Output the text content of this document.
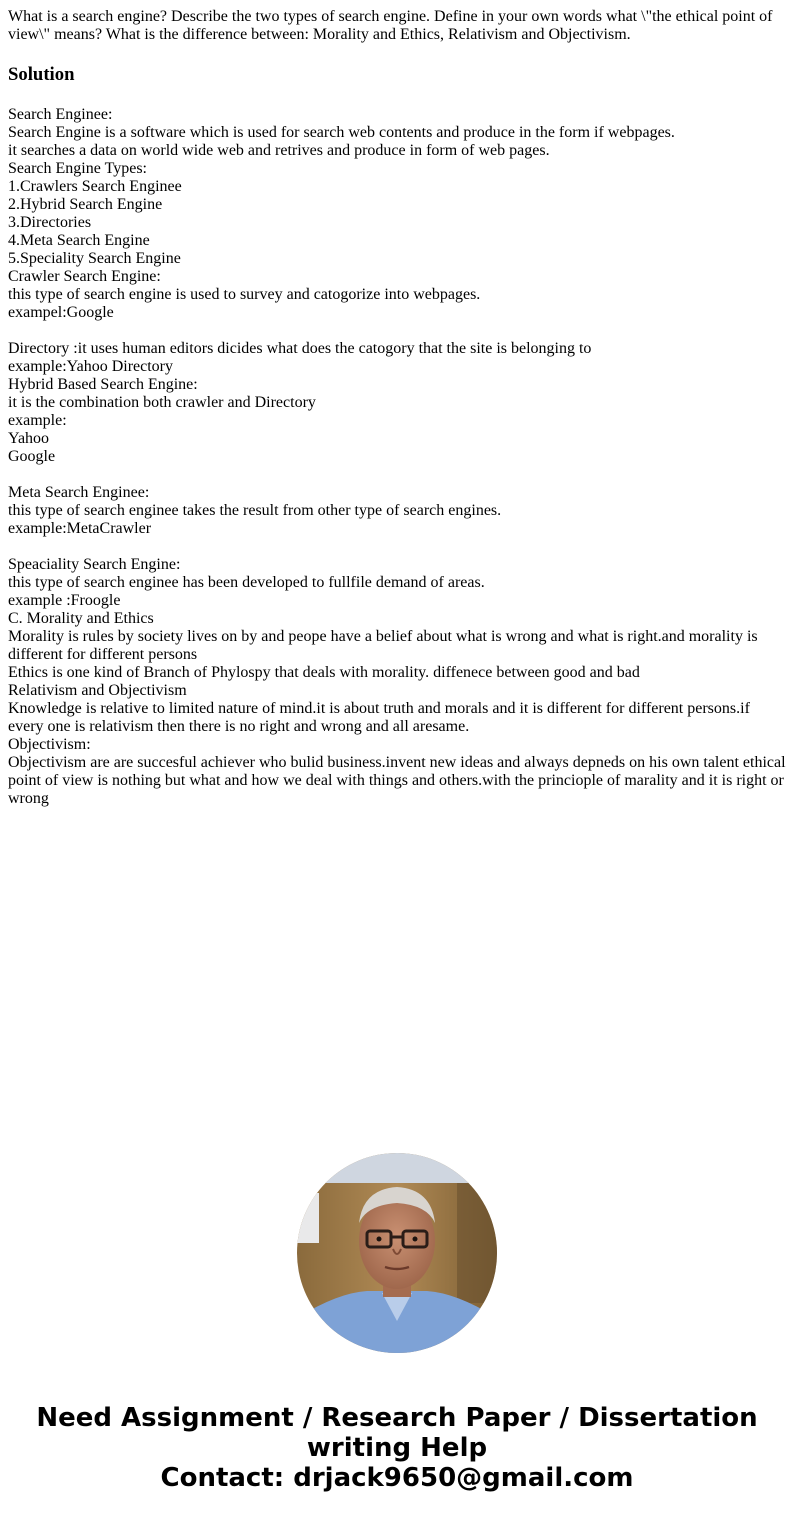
What is a search engine? Describe the two types of search engine. Define in your own words what \"the ethical point of view\" means? What is the difference between: Morality and Ethics, Relativism and Objectivism.
Solution
Search Enginee:
Search Engine is a software which is used for search web contents and produce in the form if webpages.
it searches a data on world wide web and retrives and produce in form of web pages.
Search Engine Types:
1.Crawlers Search Enginee
2.Hybrid Search Engine
3.Directories
4.Meta Search Engine
5.Speciality Search Engine
Crawler Search Engine:
this type of search engine is used to survey and catogorize into webpages.
exampel:Google
Directory :it uses human editors dicides what does the catogory that the site is belonging to
example:Yahoo Directory
Hybrid Based Search Engine:
it is the combination both crawler and Directory
example:
Yahoo
Google
Meta Search Enginee:
this type of search enginee takes the result from other type of search engines.
example:MetaCrawler
Speaciality Search Engine:
this type of search enginee has been developed to fullfile demand of areas.
example :Froogle
C. Morality and Ethics
Morality is rules by society lives on by and peope have a belief about what is wrong and what is right.and morality is different for different persons
Ethics is one kind of Branch of Phylospy that deals with morality. diffenece between good and bad
Relativism and Objectivism
Knowledge is relative to limited nature of mind.it is about truth and morals and it is different for different persons.if every one is relativism then there is no right and wrong and all aresame.
Objectivism:
Objectivism are are succesful achiever who bulid business.invent new ideas and always depneds on his own talent ethical point of view is nothing but what and how we deal with things and others.with the princiople of marality and it is right or wrong
Need Assignment / Research Paper / Dissertation writing Help
Contact: drjack9650@gmail.com
